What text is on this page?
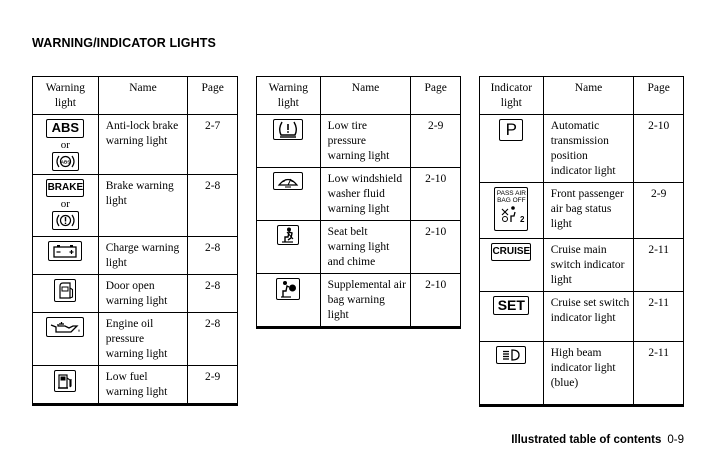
WARNING/INDICATOR LIGHTS
Warning light	Name	Page
ABS
or
ABS	Anti-lock brake warning light	2-7
BRAKE
or	Brake warning light	2-8

	Charge warning light	2-8

	Door open warning light	2-8

	Engine oil pressure warning light	2-8

	Low fuel warning light	2-9
Warning light	Name	Page

	Low tire pressure warning light	2-9

	Low windshield washer fluid warning light	2-10

	Seat belt warning light and chime	2-10

	Supplemental air bag warning light	2-10
Indicator light	Name	Page
P	Automatic transmission position indicator light	2-10

PASS AIR BAG OFF
2	Front passenger air bag status light	2-9
CRUISE	Cruise main switch indicator light	2-11
SET	Cruise set switch indicator light	2-11

	High beam indicator light (blue)	2-11
Illustrated table of contents 0-9
